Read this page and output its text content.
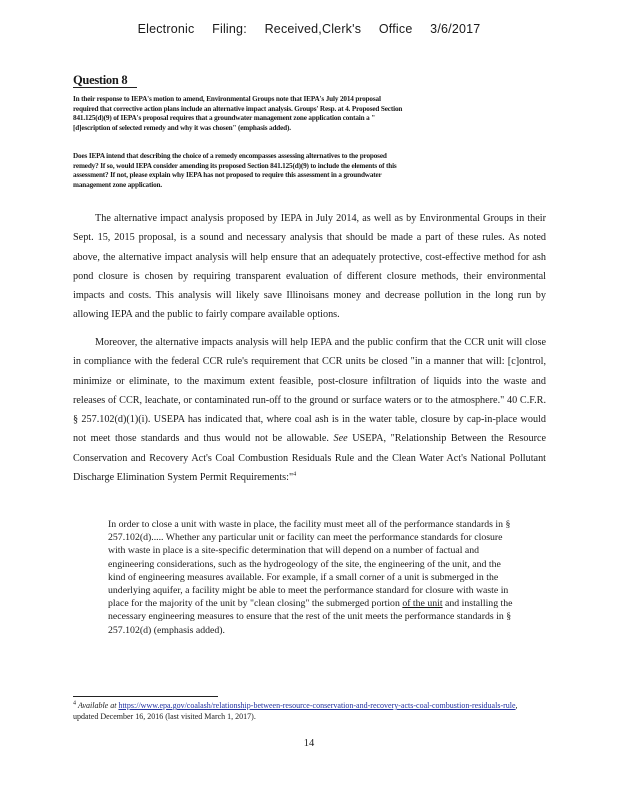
Electronic Filing: Received,Clerk's Office 3/6/2017
Question 8
In their response to IEPA's motion to amend, Environmental Groups note that IEPA's July 2014 proposal required that corrective action plans include an alternative impact analysis. Groups' Resp. at 4. Proposed Section 841.125(d)(9) of IEPA's proposal requires that a groundwater management zone application contain a "[d]escription of selected remedy and why it was chosen" (emphasis added).
Does IEPA intend that describing the choice of a remedy encompasses assessing alternatives to the proposed remedy? If so, would IEPA consider amending its proposed Section 841.125(d)(9) to include the elements of this assessment? If not, please explain why IEPA has not proposed to require this assessment in a groundwater management zone application.

The alternative impact analysis proposed by IEPA in July 2014, as well as by Environmental Groups in their Sept. 15, 2015 proposal, is a sound and necessary analysis that should be made a part of these rules. As noted above, the alternative impact analysis will help ensure that an adequately protective, cost-effective method for ash pond closure is chosen by requiring transparent evaluation of different closure methods, their environmental impacts and costs. This analysis will likely save Illinoisans money and decrease pollution in the long run by allowing IEPA and the public to fairly compare available options.

Moreover, the alternative impacts analysis will help IEPA and the public confirm that the CCR unit will close in compliance with the federal CCR rule's requirement that CCR units be closed "in a manner that will: [c]ontrol, minimize or eliminate, to the maximum extent feasible, post-closure infiltration of liquids into the waste and releases of CCR, leachate, or contaminated run-off to the ground or surface waters or to the atmosphere." 40 C.F.R. § 257.102(d)(1)(i). USEPA has indicated that, where coal ash is in the water table, closure by cap-in-place would not meet those standards and thus would not be allowable. See USEPA, "Relationship Between the Resource Conservation and Recovery Act's Coal Combustion Residuals Rule and the Clean Water Act's National Pollutant Discharge Elimination System Permit Requirements:"$^4$

In order to close a unit with waste in place, the facility must meet all of the performance standards in § 257.102(d)..... Whether any particular unit or facility can meet the performance standards for closure with waste in place is a site-specific determination that will depend on a number of factual and engineering considerations, such as the hydrogeology of the site, the engineering of the unit, and the kind of engineering measures available. For example, if a small corner of a unit is submerged in the underlying aquifer, a facility might be able to meet the performance standard for closure with waste in place for the majority of the unit by "clean closing" the submerged portion of the unit and installing the necessary engineering measures to ensure that the rest of the unit meets the performance standards in § 257.102(d) (emphasis added).

$^4$ Available at https://www.epa.gov/coalash/relationship-between-resource-conservation-and-recovery-acts-coal-combustion-residuals-rule, updated December 16, 2016 (last visited March 1, 2017).
14
